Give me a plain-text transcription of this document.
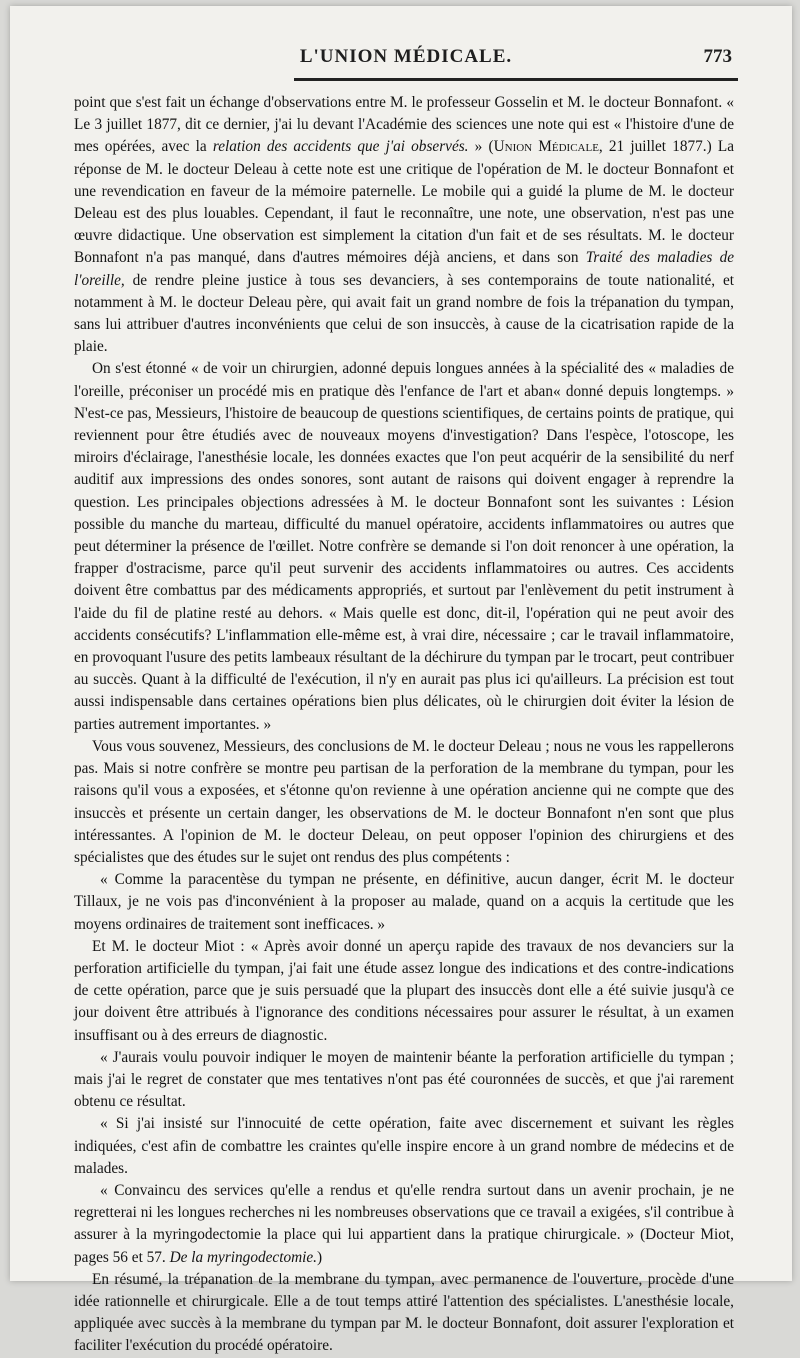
L'UNION MÉDICALE.	773

point que s'est fait un échange d'observations entre M. le professeur Gosselin et M. le docteur Bonnafont. « Le 3 juillet 1877, dit ce dernier, j'ai lu devant l'Académie des sciences une note qui est « l'histoire d'une de mes opérées, avec la relation des accidents que j'ai observés. » (Union Médicale, 21 juillet 1877.) La réponse de M. le docteur Deleau à cette note est une critique de l'opération de M. le docteur Bonnafont et une revendication en faveur de la mémoire paternelle. Le mobile qui a guidé la plume de M. le docteur Deleau est des plus louables. Cependant, il faut le reconnaître, une note, une observation, n'est pas une œuvre didactique. Une observation est simplement la citation d'un fait et de ses résultats. M. le docteur Bonnafont n'a pas manqué, dans d'autres mémoires déjà anciens, et dans son Traité des maladies de l'oreille, de rendre pleine justice à tous ses devanciers, à ses contemporains de toute nationalité, et notamment à M. le docteur Deleau père, qui avait fait un grand nombre de fois la trépanation du tympan, sans lui attribuer d'autres inconvénients que celui de son insuccès, à cause de la cicatrisation rapide de la plaie.

On s'est étonné « de voir un chirurgien, adonné depuis longues années à la spécialité des « maladies de l'oreille, préconiser un procédé mis en pratique dès l'enfance de l'art et aban« donné depuis longtemps. » N'est-ce pas, Messieurs, l'histoire de beaucoup de questions scientifiques, de certains points de pratique, qui reviennent pour être étudiés avec de nouveaux moyens d'investigation? Dans l'espèce, l'otoscope, les miroirs d'éclairage, l'anesthésie locale, les données exactes que l'on peut acquérir de la sensibilité du nerf auditif aux impressions des ondes sonores, sont autant de raisons qui doivent engager à reprendre la question. Les principales objections adressées à M. le docteur Bonnafont sont les suivantes : Lésion possible du manche du marteau, difficulté du manuel opératoire, accidents inflammatoires ou autres que peut déterminer la présence de l'œillet. Notre confrère se demande si l'on doit renoncer à une opération, la frapper d'ostracisme, parce qu'il peut survenir des accidents inflammatoires ou autres. Ces accidents doivent être combattus par des médicaments appropriés, et surtout par l'enlèvement du petit instrument à l'aide du fil de platine resté au dehors. « Mais quelle est donc, dit-il, l'opération qui ne peut avoir des accidents consécutifs? L'inflammation elle-même est, à vrai dire, nécessaire ; car le travail inflammatoire, en provoquant l'usure des petits lambeaux résultant de la déchirure du tympan par le trocart, peut contribuer au succès. Quant à la difficulté de l'exécution, il n'y en aurait pas plus ici qu'ailleurs. La précision est tout aussi indispensable dans certaines opérations bien plus délicates, où le chirurgien doit éviter la lésion de parties autrement importantes. »

Vous vous souvenez, Messieurs, des conclusions de M. le docteur Deleau ; nous ne vous les rappellerons pas. Mais si notre confrère se montre peu partisan de la perforation de la membrane du tympan, pour les raisons qu'il vous a exposées, et s'étonne qu'on revienne à une opération ancienne qui ne compte que des insuccès et présente un certain danger, les observations de M. le docteur Bonnafont n'en sont que plus intéressantes. A l'opinion de M. le docteur Deleau, on peut opposer l'opinion des chirurgiens et des spécialistes que des études sur le sujet ont rendus des plus compétents :

« Comme la paracentèse du tympan ne présente, en définitive, aucun danger, écrit M. le docteur Tillaux, je ne vois pas d'inconvénient à la proposer au malade, quand on a acquis la certitude que les moyens ordinaires de traitement sont inefficaces. »

Et M. le docteur Miot : « Après avoir donné un aperçu rapide des travaux de nos devanciers sur la perforation artificielle du tympan, j'ai fait une étude assez longue des indications et des contre-indications de cette opération, parce que je suis persuadé que la plupart des insuccès dont elle a été suivie jusqu'à ce jour doivent être attribués à l'ignorance des conditions nécessaires pour assurer le résultat, à un examen insuffisant ou à des erreurs de diagnostic.

« J'aurais voulu pouvoir indiquer le moyen de maintenir béante la perforation artificielle du tympan ; mais j'ai le regret de constater que mes tentatives n'ont pas été couronnées de succès, et que j'ai rarement obtenu ce résultat.

« Si j'ai insisté sur l'innocuité de cette opération, faite avec discernement et suivant les règles indiquées, c'est afin de combattre les craintes qu'elle inspire encore à un grand nombre de médecins et de malades.

« Convaincu des services qu'elle a rendus et qu'elle rendra surtout dans un avenir prochain, je ne regretterai ni les longues recherches ni les nombreuses observations que ce travail a exigées, s'il contribue à assurer à la myringodectomie la place qui lui appartient dans la pratique chirurgicale. » (Docteur Miot, pages 56 et 57. De la myringodectomie.)

En résumé, la trépanation de la membrane du tympan, avec permanence de l'ouverture, procède d'une idée rationnelle et chirurgicale. Elle a de tout temps attiré l'attention des spécialistes. L'anesthésie locale, appliquée avec succès à la membrane du tympan par M. le docteur Bonnafont, doit assurer l'exploration et faciliter l'exécution du procédé opératoire.
